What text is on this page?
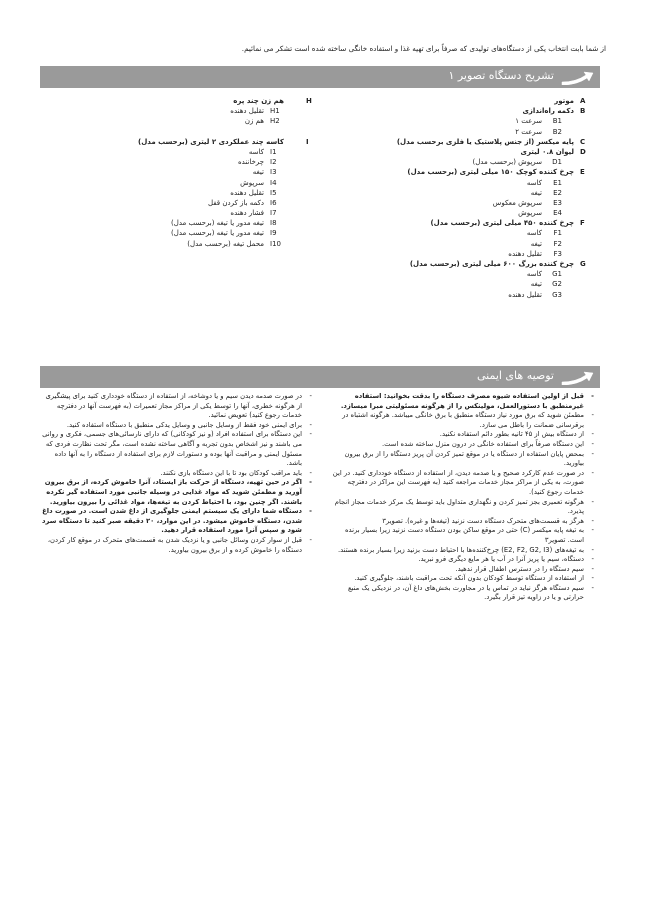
از شما بابت انتخاب یکی از دستگاه‌های تولیدی که صرفاً برای تهیه غذا و استفاده خانگی ساخته شده است تشکر می نمائیم.
تشریح دستگاه تصویر ۱
A
موتور
B
دکمه راه‌اندازی
B1
سرعت ۱
B2
سرعت ۲
C
پایه میکسر (از جنس پلاستیک یا فلزی برحسب مدل)
D
لیوان ۰.۸ لیتری
D1
سرپوش (برحسب مدل)
E
چرخ کننده کوچک ۱۵۰ میلی لیتری (برحسب مدل)
E1
کاسه
E2
تیغه
E3
سرپوش معکوس
E4
سرپوش
F
چرخ کننده ۴۵۰ میلی لیتری (برحسب مدل)
F1
کاسه
F2
تیغه
F3
تقلیل دهنده
G
چرخ کننده بزرگ ۶۰۰ میلی لیتری (برحسب مدل)
G1
کاسه
G2
تیغه
G3
تقلیل دهنده
H
هم زن چند پره
H1
تقلیل دهنده
H2
هم زن
I
کاسه چند عملکردی ۲ لیتری (برحسب مدل)
I1
کاسه
I2
چرخاننده
I3
تیغه
I4
سرپوش
I5
تقلیل دهنده
I6
دکمه باز کردن قفل
I7
فشار دهنده
I8
تیغه مدور یا تیغه (برحسب مدل)
I9
تیغه مدور یا تیغه (برحسب مدل)
I10
محمل تیغه (برحسب مدل)
توصیه های ایمنی
-
قبل از اولین استفاده شیوه مصرف دستگاه را بدقت بخوانید: استفاده غیرمنطبق با دستورالعمل، مولینکس را از هرگونه مسئولیتی مبرا میسازد.
-
مطمئن شوید که برق مورد نیاز دستگاه منطبق با برق خانگی میباشد. هرگونه اشتباه در برقرسانی ضمانت را باطل می سازد.
-
از دستگاه بیش از ۴۵ ثانیه بطور دائم استفاده نکنید.
-
این دستگاه صرفاً برای استفاده خانگی در درون منزل ساخته شده است.
-
بمحض پایان استفاده از دستگاه یا در موقع تمیز کردن آن پریز دستگاه را از برق بیرون بیاورید.
-
در صورت عدم کارکرد صحیح و یا صدمه دیدن، از استفاده از دستگاه خودداری کنید. در این صورت، به یکی از مراکز مجاز خدمات مراجعه کنید (به فهرست این مراکز در دفترچه خدمات رجوع کنید).
-
هرگونه تعمیری بجز تمیز کردن و نگهداری متداول باید توسط یک مرکز خدمات مجاز انجام پذیرد.
-
هرگز به قسمت‌های متحرک دستگاه دست نزنید (تیغه‌ها و غیره). تصویر۳
-
به تیغه پایه میکسر (C) حتی در موقع ساکن بودن دستگاه دست نزنید زیرا بسیار برنده است. تصویر۳
-
به تیغه‌های (E2, F2, G2, I3) چرخ‌کننده‌ها با احتیاط دست بزنید زیرا بسیار برنده هستند.
-
دستگاه، سیم یا پریز آنرا در آب یا هر مایع دیگری فرو نبرید.
-
سیم دستگاه را در دسترس اطفال قرار ندهید.
-
از استفاده از دستگاه توسط کودکان بدون آنکه تحت مراقبت باشند، جلوگیری کنید.
-
سیم دستگاه هرگز نباید در تماس یا در مجاورت بخش‌های داغ آن، در نزدیکی یک منبع حرارتی و یا در زاویه تیز قرار بگیرد.
-
در صورت صدمه دیدن سیم و یا دوشاخه، از استفاده از دستگاه خودداری کنید برای پیشگیری از هرگونه خطری، آنها را توسط یکی از مراکز مجاز تعمیرات (به فهرست آنها در دفترچه خدمات رجوع کنید) تعویض نمائید.
-
برای ایمنی خود فقط از وسایل جانبی و وسایل یدکی منطبق با دستگاه استفاده کنید.
-
این دستگاه برای استفاده افراد (و نیز کودکانی) که دارای نارسائی‌های جسمی، فکری و روانی می باشند و نیز اشخاص بدون تجربه و آگاهی ساخته نشده است، مگر تحت نظارت فردی که مسئول ایمنی و مراقبت آنها بوده و دستورات لازم برای استفاده از دستگاه را به آنها داده باشد.
-
باید مراقب کودکان بود تا با این دستگاه بازی نکنند.
-
اگر در حین تهیه، دستگاه از حرکت باز ایستاد، آنرا خاموش کرده، از برق بیرون آورید و مطمئن شوید که مواد غذایی در وسیله جانبی مورد استفاده گیر نکرده باشند. اگر چنین بود، با احتیاط کردن به تیغه‌ها، مواد غذائی را بیرون بیاورید.
-
دستگاه شما دارای یک سیستم ایمنی جلوگیری از داغ شدن است. در صورت داغ شدن، دستگاه خاموش میشود. در این موارد، ۲۰ دقیقه صبر کنید تا دستگاه سرد شود و سپس آنرا مورد استفاده قرار دهید.
-
قبل از سوار کردن وسائل جانبی و یا نزدیک شدن به قسمت‌های متحرک در موقع کار کردن، دستگاه را خاموش کرده و از برق بیرون بیاورید.
